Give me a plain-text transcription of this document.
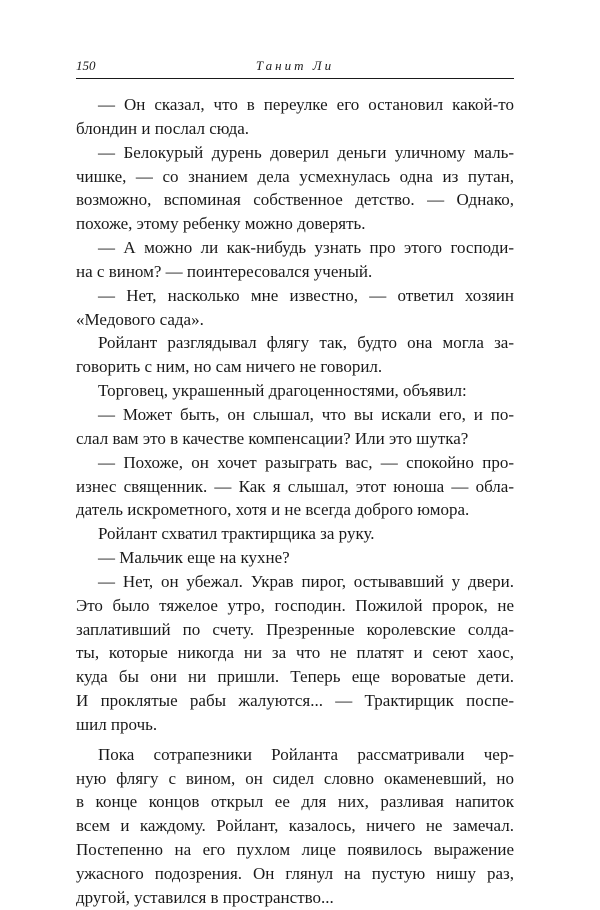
150	Танит Ли
— Он сказал, что в переулке его остановил какой-то
блондин и послал сюда.
— Белокурый дурень доверил деньги уличному маль-
чишке, — со знанием дела усмехнулась одна из путан,
возможно, вспоминая собственное детство. — Однако,
похоже, этому ребенку можно доверять.
— А можно ли как-нибудь узнать про этого господи-
на с вином? — поинтересовался ученый.
— Нет, насколько мне известно, — ответил хозяин
«Медового сада».
Ройлант разглядывал флягу так, будто она могла за-
говорить с ним, но сам ничего не говорил.
Торговец, украшенный драгоценностями, объявил:
— Может быть, он слышал, что вы искали его, и по-
слал вам это в качестве компенсации? Или это шутка?
— Похоже, он хочет разыграть вас, — спокойно про-
изнес священник. — Как я слышал, этот юноша — обла-
датель искрометного, хотя и не всегда доброго юмора.
Ройлант схватил трактирщика за руку.
— Мальчик еще на кухне?
— Нет, он убежал. Украв пирог, остывавший у двери.
Это было тяжелое утро, господин. Пожилой пророк, не
заплативший по счету. Презренные королевские солда-
ты, которые никогда ни за что не платят и сеют хаос,
куда бы они ни пришли. Теперь еще вороватые дети.
И проклятые рабы жалуются... — Трактирщик поспе-
шил прочь.
Пока сотрапезники Ройланта рассматривали чер-
ную флягу с вином, он сидел словно окаменевший, но
в конце концов открыл ее для них, разливая напиток
всем и каждому. Ройлант, казалось, ничего не замечал.
Постепенно на его пухлом лице появилось выражение
ужасного подозрения. Он глянул на пустую нишу раз,
другой, уставился в пространство...
